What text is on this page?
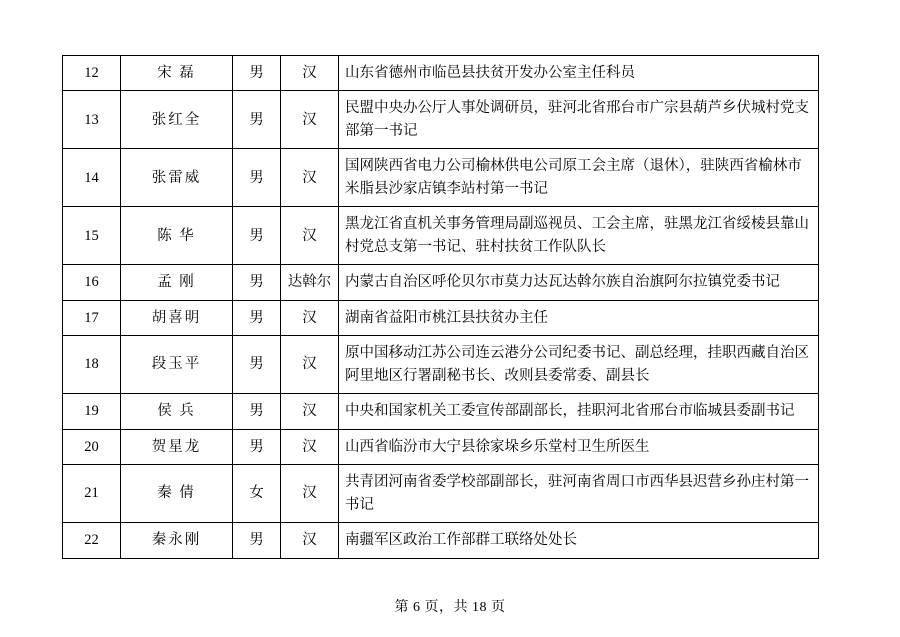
12	宋 磊	男	汉	山东省德州市临邑县扶贫开发办公室主任科员
13	张红全	男	汉	民盟中央办公厅人事处调研员，驻河北省邢台市广宗县葫芦乡伏城村党支部第一书记
14	张雷威	男	汉	国网陕西省电力公司榆林供电公司原工会主席（退休），驻陕西省榆林市米脂县沙家店镇李站村第一书记
15	陈 华	男	汉	黑龙江省直机关事务管理局副巡视员、工会主席，驻黑龙江省绥棱县靠山村党总支第一书记、驻村扶贫工作队队长
16	孟 刚	男	达斡尔	内蒙古自治区呼伦贝尔市莫力达瓦达斡尔族自治旗阿尔拉镇党委书记
17	胡喜明	男	汉	湖南省益阳市桃江县扶贫办主任
18	段玉平	男	汉	原中国移动江苏公司连云港分公司纪委书记、副总经理，挂职西藏自治区阿里地区行署副秘书长、改则县委常委、副县长
19	侯 兵	男	汉	中央和国家机关工委宣传部副部长，挂职河北省邢台市临城县委副书记
20	贺星龙	男	汉	山西省临汾市大宁县徐家垛乡乐堂村卫生所医生
21	秦 倩	女	汉	共青团河南省委学校部副部长，驻河南省周口市西华县迟营乡孙庄村第一书记
22	秦永刚	男	汉	南疆军区政治工作部群工联络处处长
第 6 页，共 18 页
